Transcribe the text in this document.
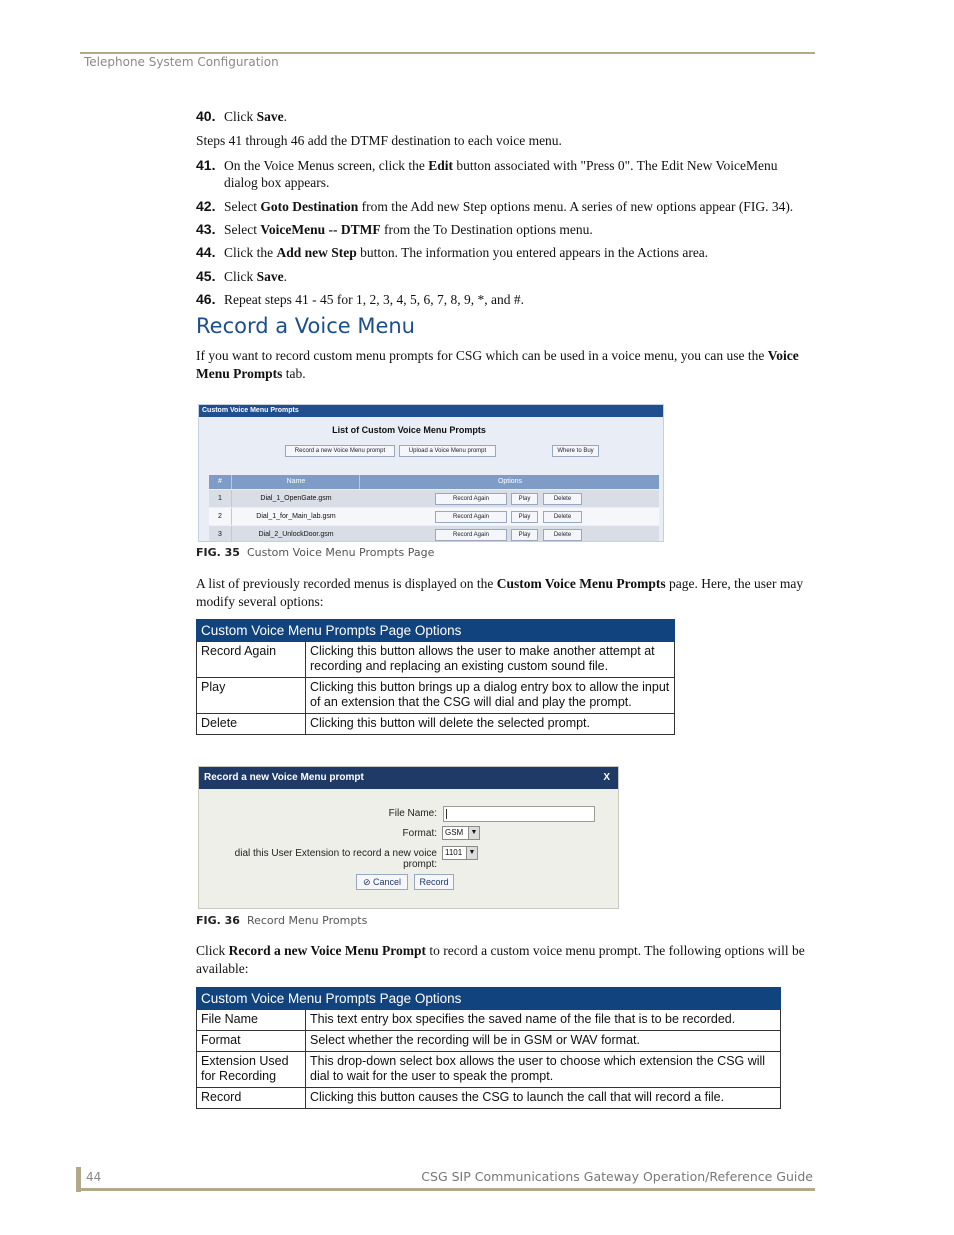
Telephone System Configuration
40. Click Save.
Steps 41 through 46 add the DTMF destination to each voice menu.
41. On the Voice Menus screen, click the Edit button associated with "Press 0". The Edit New VoiceMenu dialog box appears.
42. Select Goto Destination from the Add new Step options menu. A series of new options appear (FIG. 34).
43. Select VoiceMenu -- DTMF from the To Destination options menu.
44. Click the Add new Step button. The information you entered appears in the Actions area.
45. Click Save.
46. Repeat steps 41 - 45 for 1, 2, 3, 4, 5, 6, 7, 8, 9, *, and #.
Record a Voice Menu
If you want to record custom menu prompts for CSG which can be used in a voice menu, you can use the Voice Menu Prompts tab.
Custom Voice Menu Prompts
List of Custom Voice Menu Prompts
Record a new Voice Menu prompt	Upload a Voice Menu prompt	Where to Buy
#	Name	Options
1	Dial_1_OpenGate.gsm	Record Again	Play	Delete
2	Dial_1_for_Main_lab.gsm	Record Again	Play	Delete
3	Dial_2_UnlockDoor.gsm	Record Again	Play	Delete
FIG. 35 Custom Voice Menu Prompts Page
A list of previously recorded menus is displayed on the Custom Voice Menu Prompts page. Here, the user may modify several options:
Custom Voice Menu Prompts Page Options	
Record Again	Clicking this button allows the user to make another attempt at recording and replacing an existing custom sound file.
Play	Clicking this button brings up a dialog entry box to allow the input of an extension that the CSG will dial and play the prompt.
Delete	Clicking this button will delete the selected prompt.
Record a new Voice Menu prompt	X
File Name:
Format:	GSM	▼
dial this User Extension to record a new voice prompt:
1101 ▼
⊘ Cancel	Record
FIG. 36 Record Menu Prompts
Click Record a new Voice Menu Prompt to record a custom voice menu prompt. The following options will be available:
Custom Voice Menu Prompts Page Options	
File Name	This text entry box specifies the saved name of the file that is to be recorded.
Format	Select whether the recording will be in GSM or WAV format.
Extension Used for Recording	This drop-down select box allows the user to choose which extension the CSG will dial to wait for the user to speak the prompt.
Record	Clicking this button causes the CSG to launch the call that will record a file.
44	CSG SIP Communications Gateway Operation/Reference Guide
